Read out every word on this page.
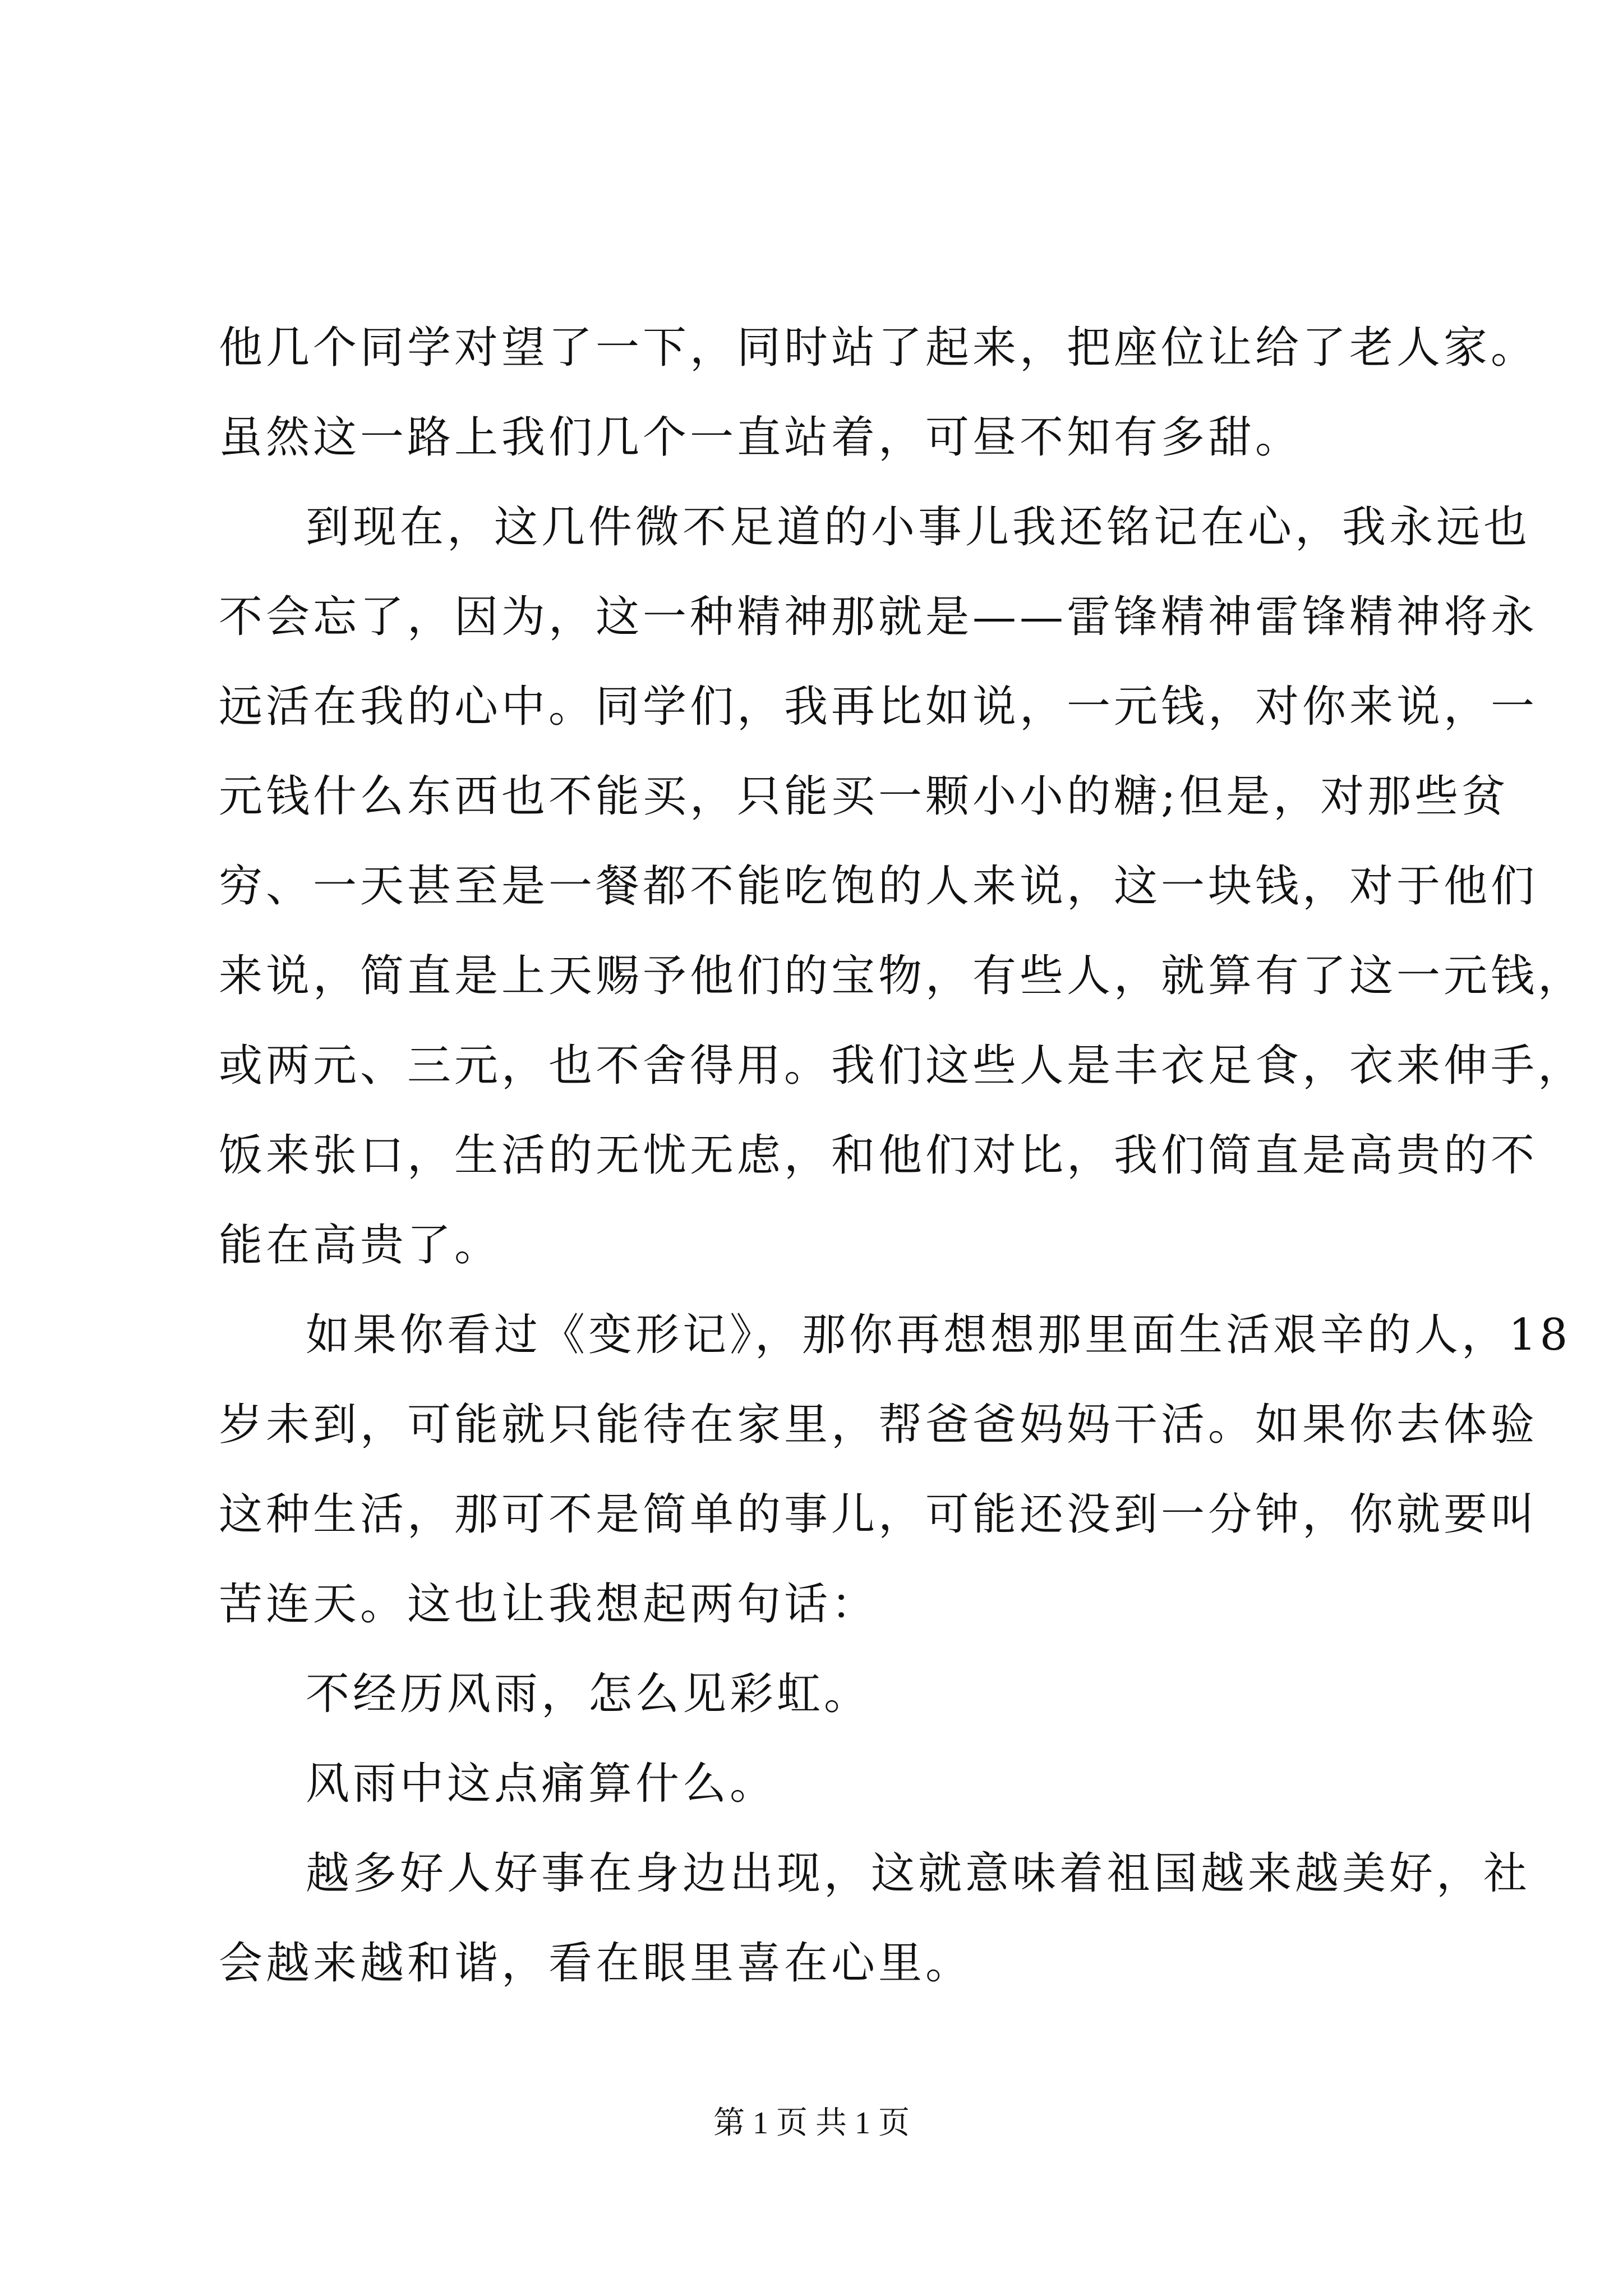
他几个同学对望了一下，同时站了起来，把座位让给了老人家。
虽然这一路上我们几个一直站着，可昼不知有多甜。
到现在，这几件微不足道的小事儿我还铭记在心，我永远也
不会忘了，因为，这一种精神那就是——雷锋精神雷锋精神将永
远活在我的心中。同学们，我再比如说，一元钱，对你来说，一
元钱什么东西也不能买，只能买一颗小小的糖;但是，对那些贫
穷、一天甚至是一餐都不能吃饱的人来说，这一块钱，对于他们
来说，简直是上天赐予他们的宝物，有些人，就算有了这一元钱，
或两元、三元，也不舍得用。我们这些人是丰衣足食，衣来伸手，
饭来张口，生活的无忧无虑，和他们对比，我们简直是高贵的不
能在高贵了。
如果你看过《变形记》，那你再想想那里面生活艰辛的人，18
岁未到，可能就只能待在家里，帮爸爸妈妈干活。如果你去体验
这种生活，那可不是简单的事儿，可能还没到一分钟，你就要叫
苦连天。这也让我想起两句话：
不经历风雨，怎么见彩虹。
风雨中这点痛算什么。
越多好人好事在身边出现，这就意味着祖国越来越美好，社
会越来越和谐，看在眼里喜在心里。
第 1 页 共 1 页
